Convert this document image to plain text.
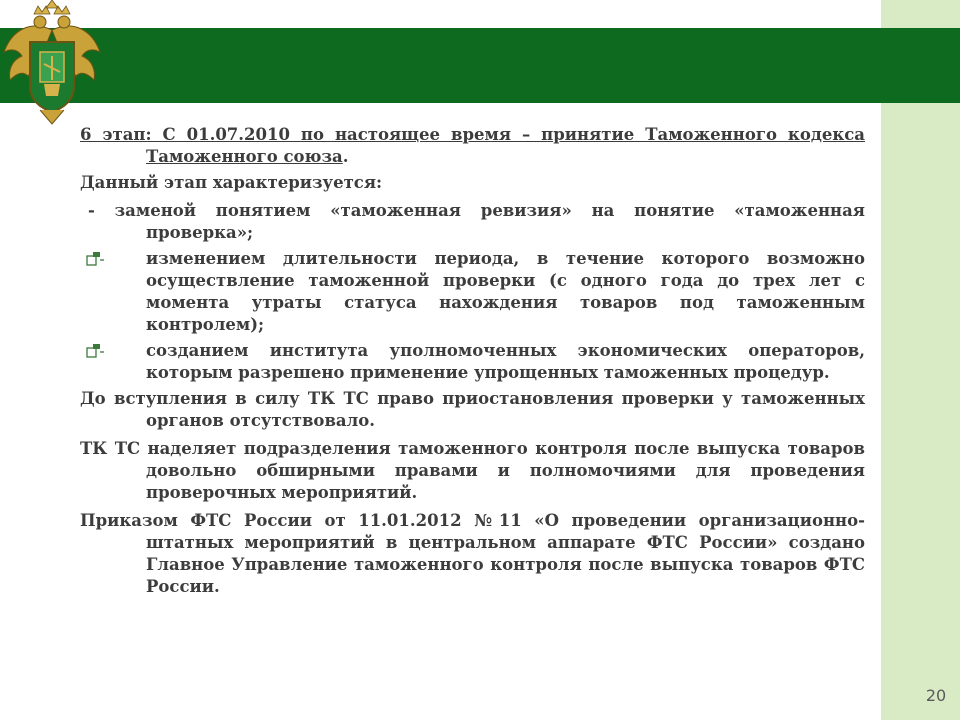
6 этап: С 01.07.2010 по настоящее время – принятие Таможенного кодекса Таможенного союза.
Данный этап характеризуется:
- заменой понятием «таможенная ревизия» на понятие «таможенная проверка»;
изменением длительности периода, в течение которого возможно осуществление таможенной проверки (с одного года до трех лет с момента утраты статуса нахождения товаров под таможенным контролем);
созданием института уполномоченных экономических операторов, которым разрешено применение упрощенных таможенных процедур.
До вступления в силу ТК ТС право приостановления проверки у таможенных органов отсутствовало.
ТК ТС наделяет подразделения таможенного контроля после выпуска товаров довольно обширными правами и полномочиями для проведения проверочных мероприятий.
Приказом ФТС России от 11.01.2012 №11 «О проведении организационно-штатных мероприятий в центральном аппарате ФТС России» создано Главное Управление таможенного контроля после выпуска товаров ФТС России.
20
